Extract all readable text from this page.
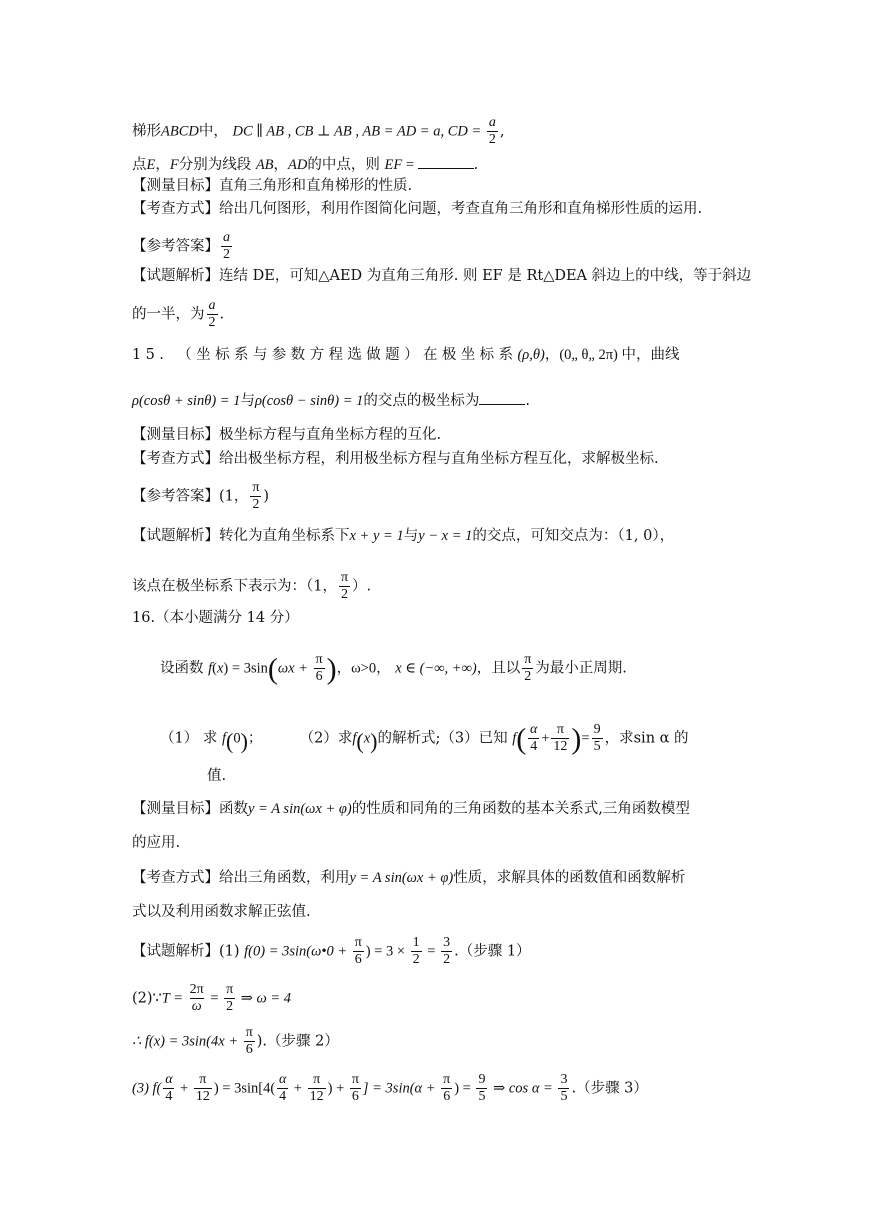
梯形ABCD中， DC ∥ AB , CB ⊥ AB , AB = AD = a, CD = $\frac{a}{2}$ ,
点E，F分别为线段 AB，AD的中点，则 EF =	.
【测量目标】直角三角形和直角梯形的性质.
【考查方式】给出几何图形，利用作图简化问题，考查直角三角形和直角梯形性质的运用.
【参考答案】 $\frac{a}{2}$
【试题解析】连结 DE，可知△AED 为直角三角形. 则 EF 是 Rt△DEA 斜边上的中线，等于斜边
的一半，为 $\frac{a}{2}$ .
15. （坐标系与参数方程选做题）在极坐标系(ρ,θ)，(0„ θ„ 2π) 中，曲线
ρ(cosθ + sinθ) = 1与ρ(cosθ − sinθ) = 1的交点的极坐标为	.
【测量目标】极坐标方程与直角坐标方程的互化.
【考查方式】给出极坐标方程，利用极坐标方程与直角坐标方程互化，求解极坐标.
【参考答案】(1， $\frac{\pi}{2}$ )
【试题解析】转化为直角坐标系下x + y = 1与y − x = 1的交点，可知交点为：（1, 0），
该点在极坐标系下表示为：（1， $\frac{\pi}{2}$ ）.
16.（本小题满分 14 分）
设函数 $f(x) = 3\sin(\omega x + \frac{\pi}{6}$ )，ω>0， x ∈ (−∞, +∞)，且以 $\frac{\pi}{2}$ 为最小正周期.
（1） 求 f(0)；	（2）求f(x)的解析式;（3）已知 $f( \frac{\alpha}{4} + \frac{\pi}{12}$ )= $\frac{9}{5}$ ，求sin α 的
值.
【测量目标】函数y = A sin(ωx + φ)的性质和同角的三角函数的基本关系式,三角函数模型
的应用.
【考查方式】给出三角函数，利用y = A sin(ωx + φ)性质，求解具体的函数值和函数解析
式以及利用函数求解正弦值.
【试题解析】(1) f(0) = 3sin(ω•0 + $\frac{\pi}{6}$ ) = $3 \times \frac{1}{2} = \frac{3}{2}$ .（步骤 1）
(2)∵T = $\frac{2\pi}{\omega} = \frac{\pi}{2}$ ⇒ ω = 4
∴ $f(x) = 3\sin(4x + \frac{\pi}{6}$ ).（步骤 2）
(3) $f( \frac{\alpha}{4} + \frac{\pi}{12}$ ) = $3\sin[4( \frac{\alpha}{4} + \frac{\pi}{12}$ ) + $\frac{\pi}{6}$ ] = $3\sin(\alpha + \frac{\pi}{6}$ ) = $\frac{9}{5}$ ⇒ $\cos \alpha = \frac{3}{5}$ .（步骤 3）
